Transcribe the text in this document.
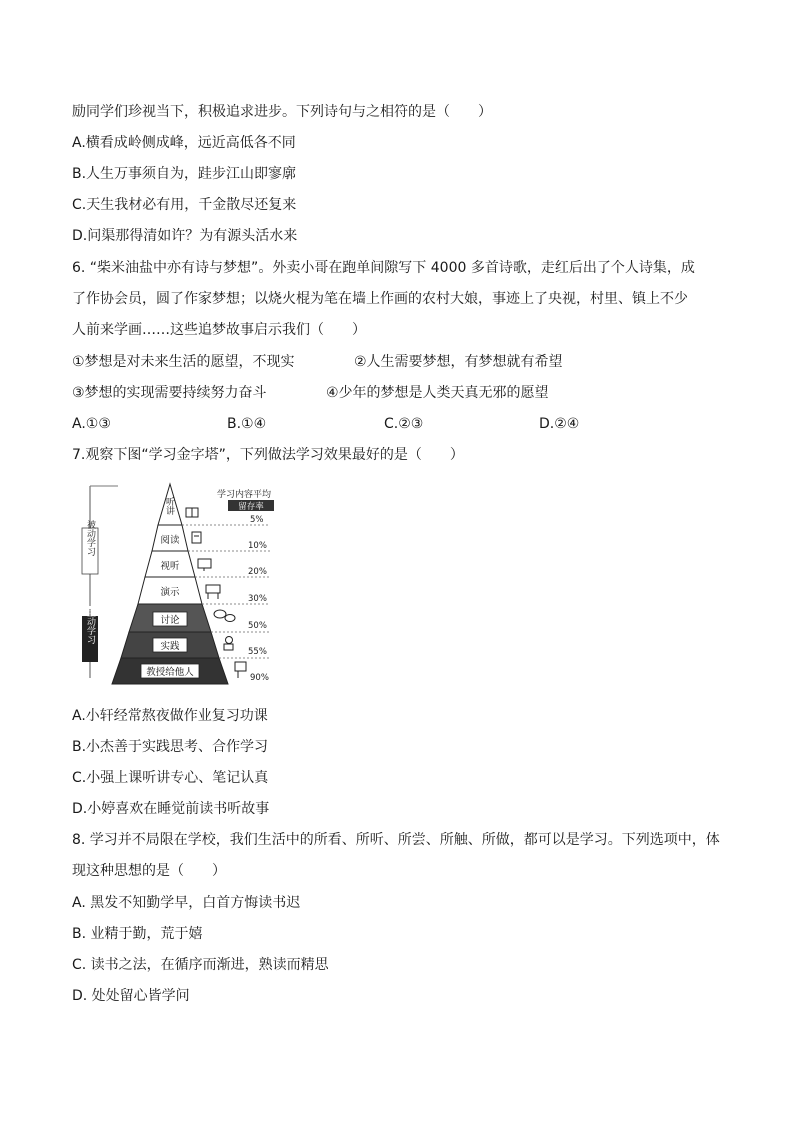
励同学们珍视当下，积极追求进步。下列诗句与之相符的是（　　）
A.横看成岭侧成峰，远近高低各不同
B.人生万事须自为，跬步江山即寥廓
C.天生我材必有用，千金散尽还复来
D.问渠那得清如许？为有源头活水来
6. “柴米油盐中亦有诗与梦想”。外卖小哥在跑单间隙写下 4000 多首诗歌，走红后出了个人诗集，成
了作协会员，圆了作家梦想；以烧火棍为笔在墙上作画的农村大娘，事迹上了央视，村里、镇上不少
人前来学画……这些追梦故事启示我们（　　）
①梦想是对未来生活的愿望，不现实	②人生需要梦想，有梦想就有希望
③梦想的实现需要持续努力奋斗	④少年的梦想是人类天真无邪的愿望
A.①③	B.①④	C.②③	D.②④
7.观察下图“学习金字塔”，下列做法学习效果最好的是（　　）
学习内容平均
留存率
被动学习
主动学习
听讲
阅读
视听
演示
讨论
实践
教授给他人
5%
10%
20%
30%
50%
55%
90%
A.小轩经常熬夜做作业复习功课
B.小杰善于实践思考、合作学习
C.小强上课听讲专心、笔记认真
D.小婷喜欢在睡觉前读书听故事
8. 学习并不局限在学校，我们生活中的所看、所听、所尝、所触、所做，都可以是学习。下列选项中，体
现这种思想的是（　　）
A. 黑发不知勤学早，白首方悔读书迟
B. 业精于勤，荒于嬉
C. 读书之法，在循序而渐进，熟读而精思
D. 处处留心皆学问
